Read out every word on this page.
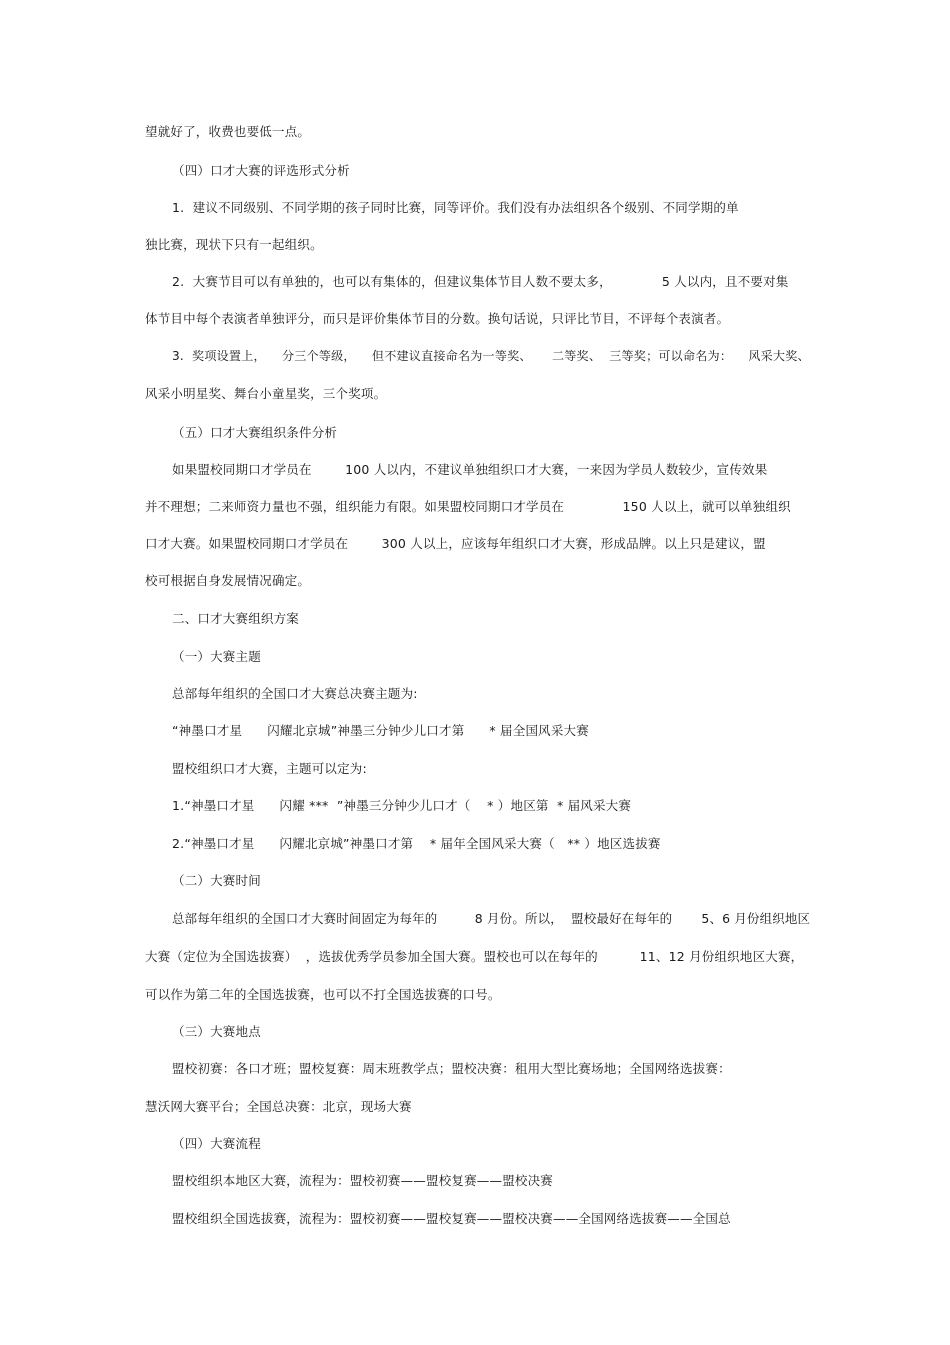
望就好了，收费也要低一点。
（四）口才大赛的评选形式分析
1.  建议不同级别、不同学期的孩子同时比赛，同等评价。我们没有办法组织各个级别、不同学期的单
独比赛，现状下只有一起组织。
2.  大赛节目可以有单独的，也可以有集体的，但建议集体节目人数不要太多，            5 人以内，且不要对集
体节目中每个表演者单独评分，而只是评价集体节目的分数。换句话说，只评比节目，不评每个表演者。
3.  奖项设置上，    分三个等级，    但不建议直接命名为一等奖、     二等奖、  三等奖；可以命名为：    风采大奖、
风采小明星奖、舞台小童星奖，三个奖项。
（五）口才大赛组织条件分析
如果盟校同期口才学员在        100 人以内，不建议单独组织口才大赛，一来因为学员人数较少，宣传效果
并不理想；二来师资力量也不强，组织能力有限。如果盟校同期口才学员在              150 人以上，就可以单独组织
口才大赛。如果盟校同期口才学员在        300 人以上，应该每年组织口才大赛，形成品牌。以上只是建议，盟
校可根据自身发展情况确定。
二、口才大赛组织方案
（一）大赛主题
总部每年组织的全国口才大赛总决赛主题为:
“神墨口才星      闪耀北京城”神墨三分钟少儿口才第      * 届全国风采大赛
盟校组织口才大赛，主题可以定为:
1.“神墨口才星      闪耀 ***  ”神墨三分钟少儿口才（    * ）地区第  * 届风采大赛
2.“神墨口才星      闪耀北京城”神墨口才第    * 届年全国风采大赛（   ** ）地区选拔赛
（二）大赛时间
总部每年组织的全国口才大赛时间固定为每年的         8 月份。所以，  盟校最好在每年的       5、6 月份组织地区
大赛（定位为全国选拔赛）  ，选拔优秀学员参加全国大赛。盟校也可以在每年的          11、12 月份组织地区大赛，
可以作为第二年的全国选拔赛，也可以不打全国选拔赛的口号。
（三）大赛地点
盟校初赛：各口才班；盟校复赛：周末班教学点；盟校决赛：租用大型比赛场地；全国网络选拔赛：
慧沃网大赛平台；全国总决赛：北京，现场大赛
（四）大赛流程
盟校组织本地区大赛，流程为：盟校初赛——盟校复赛——盟校决赛
盟校组织全国选拔赛，流程为：盟校初赛——盟校复赛——盟校决赛——全国网络选拔赛——全国总
